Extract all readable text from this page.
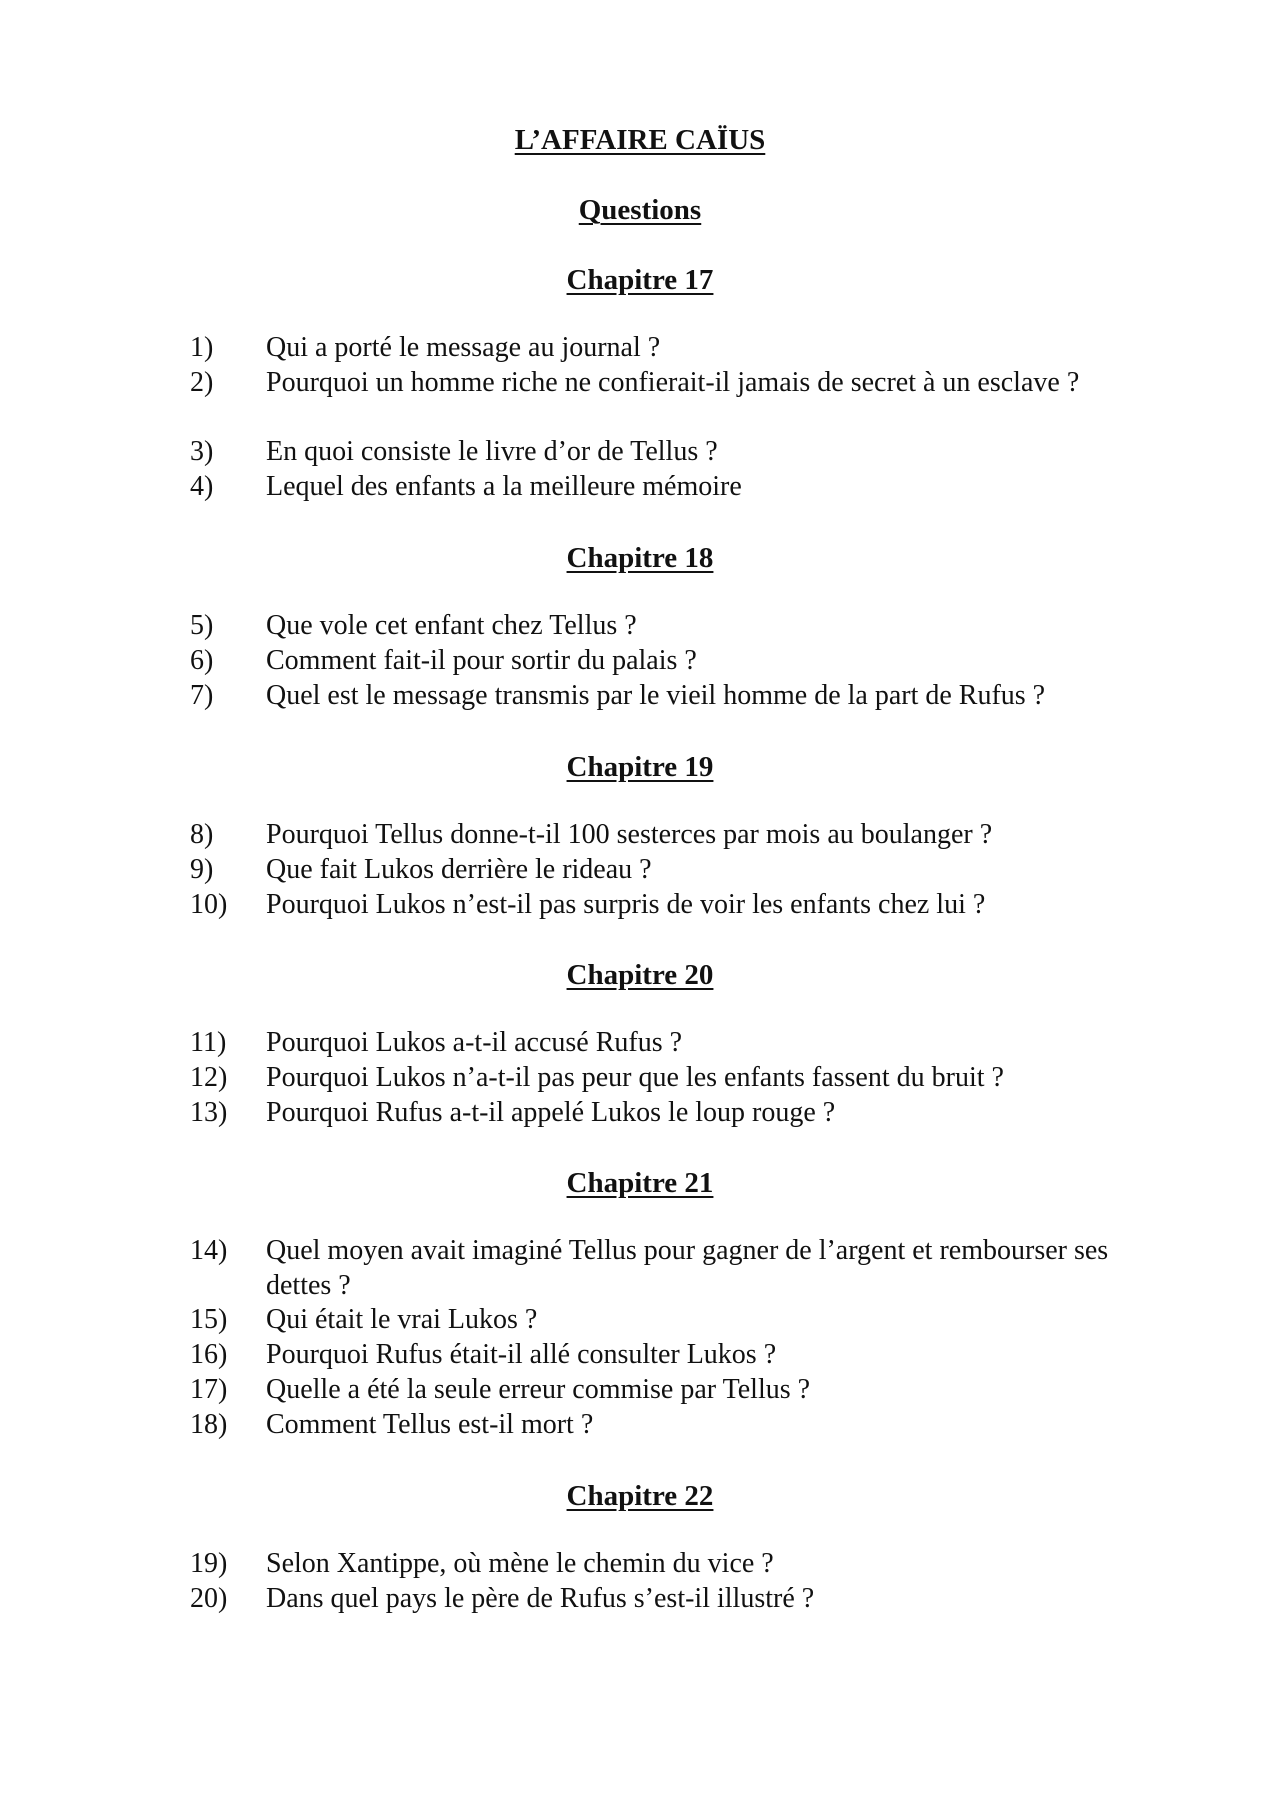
L’AFFAIRE CAÏUS
Questions
Chapitre 17
1) Qui a porté le message au journal ?
2) Pourquoi un homme riche ne confierait-il jamais de secret à un esclave ?
3) En quoi consiste le livre d’or de Tellus ?
4) Lequel des enfants a la meilleure mémoire
Chapitre 18
5) Que vole cet enfant chez Tellus ?
6) Comment fait-il pour sortir du palais ?
7) Quel est le message transmis par le vieil homme de la part de Rufus ?
Chapitre 19
8) Pourquoi Tellus donne-t-il 100 sesterces par mois au boulanger ?
9) Que fait Lukos derrière le rideau ?
10) Pourquoi Lukos n’est-il pas surpris de voir les enfants chez lui ?
Chapitre 20
11) Pourquoi Lukos a-t-il accusé Rufus ?
12) Pourquoi Lukos n’a-t-il pas peur que les enfants fassent du bruit ?
13) Pourquoi Rufus a-t-il appelé Lukos le loup rouge ?
Chapitre 21
14) Quel moyen avait imaginé Tellus pour gagner de l’argent et rembourser ses dettes ?
15) Qui était le vrai Lukos ?
16) Pourquoi Rufus était-il allé consulter Lukos ?
17) Quelle a été la seule erreur commise par Tellus ?
18) Comment Tellus est-il mort ?
Chapitre 22
19) Selon Xantippe, où mène le chemin du vice ?
20) Dans quel pays le père de Rufus s’est-il illustré ?
